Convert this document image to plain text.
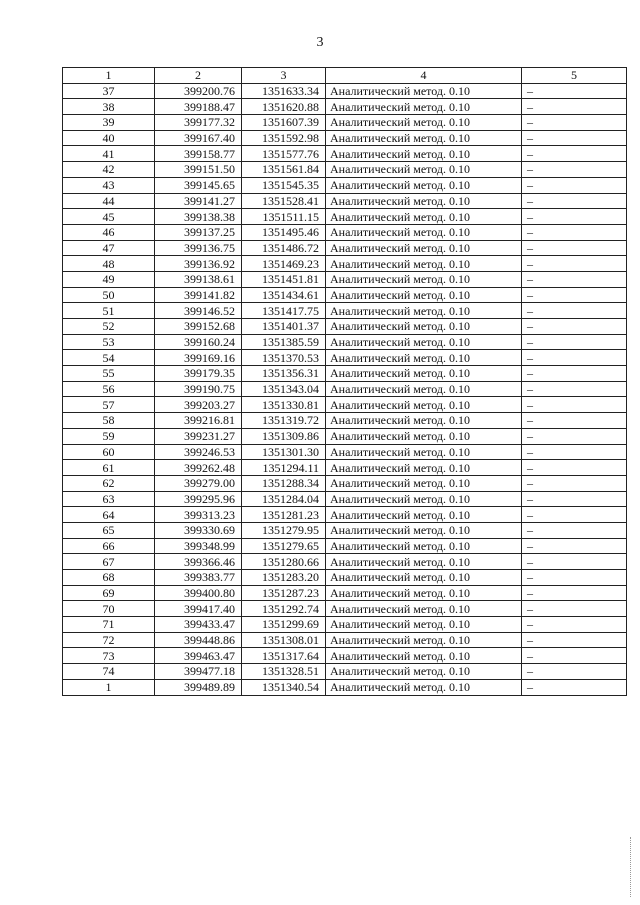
3
1	2	3	4	5
37	399200.76	1351633.34	Аналитический метод. 0.10	–
38	399188.47	1351620.88	Аналитический метод. 0.10	–
39	399177.32	1351607.39	Аналитический метод. 0.10	–
40	399167.40	1351592.98	Аналитический метод. 0.10	–
41	399158.77	1351577.76	Аналитический метод. 0.10	–
42	399151.50	1351561.84	Аналитический метод. 0.10	–
43	399145.65	1351545.35	Аналитический метод. 0.10	–
44	399141.27	1351528.41	Аналитический метод. 0.10	–
45	399138.38	1351511.15	Аналитический метод. 0.10	–
46	399137.25	1351495.46	Аналитический метод. 0.10	–
47	399136.75	1351486.72	Аналитический метод. 0.10	–
48	399136.92	1351469.23	Аналитический метод. 0.10	–
49	399138.61	1351451.81	Аналитический метод. 0.10	–
50	399141.82	1351434.61	Аналитический метод. 0.10	–
51	399146.52	1351417.75	Аналитический метод. 0.10	–
52	399152.68	1351401.37	Аналитический метод. 0.10	–
53	399160.24	1351385.59	Аналитический метод. 0.10	–
54	399169.16	1351370.53	Аналитический метод. 0.10	–
55	399179.35	1351356.31	Аналитический метод. 0.10	–
56	399190.75	1351343.04	Аналитический метод. 0.10	–
57	399203.27	1351330.81	Аналитический метод. 0.10	–
58	399216.81	1351319.72	Аналитический метод. 0.10	–
59	399231.27	1351309.86	Аналитический метод. 0.10	–
60	399246.53	1351301.30	Аналитический метод. 0.10	–
61	399262.48	1351294.11	Аналитический метод. 0.10	–
62	399279.00	1351288.34	Аналитический метод. 0.10	–
63	399295.96	1351284.04	Аналитический метод. 0.10	–
64	399313.23	1351281.23	Аналитический метод. 0.10	–
65	399330.69	1351279.95	Аналитический метод. 0.10	–
66	399348.99	1351279.65	Аналитический метод. 0.10	–
67	399366.46	1351280.66	Аналитический метод. 0.10	–
68	399383.77	1351283.20	Аналитический метод. 0.10	–
69	399400.80	1351287.23	Аналитический метод. 0.10	–
70	399417.40	1351292.74	Аналитический метод. 0.10	–
71	399433.47	1351299.69	Аналитический метод. 0.10	–
72	399448.86	1351308.01	Аналитический метод. 0.10	–
73	399463.47	1351317.64	Аналитический метод. 0.10	–
74	399477.18	1351328.51	Аналитический метод. 0.10	–
1	399489.89	1351340.54	Аналитический метод. 0.10	–
